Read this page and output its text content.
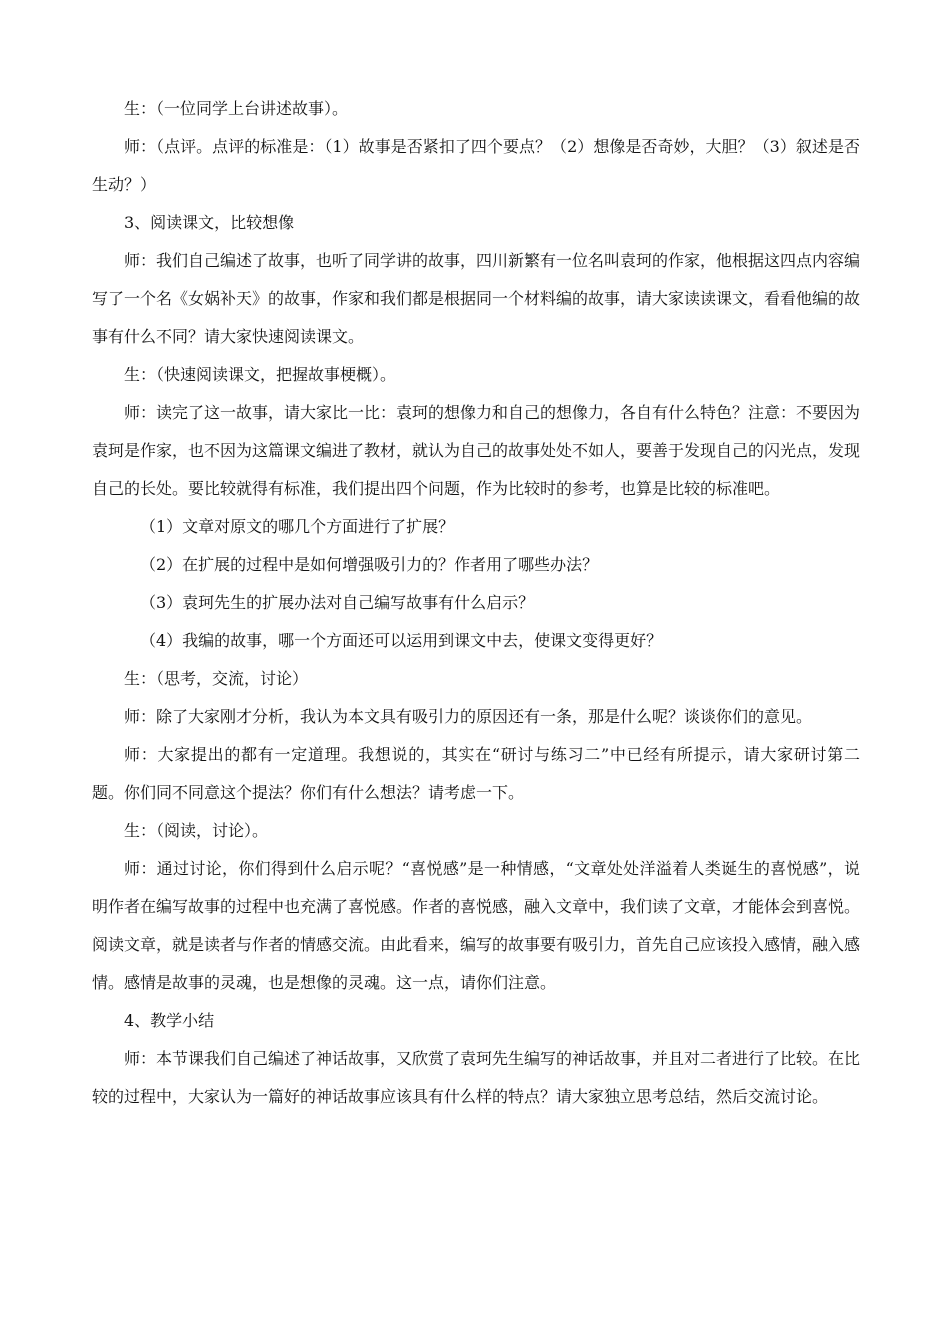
生：（一位同学上台讲述故事）。

师：（点评。点评的标准是：（1）故事是否紧扣了四个要点？（2）想像是否奇妙，大胆？（3）叙述是否生动？）

3、阅读课文，比较想像

师：我们自己编述了故事，也听了同学讲的故事，四川新繁有一位名叫袁珂的作家，他根据这四点内容编写了一个名《女娲补天》的故事，作家和我们都是根据同一个材料编的故事，请大家读读课文，看看他编的故事有什么不同？请大家快速阅读课文。

生：（快速阅读课文，把握故事梗概）。

师：读完了这一故事，请大家比一比：袁珂的想像力和自己的想像力，各自有什么特色？注意：不要因为袁珂是作家，也不因为这篇课文编进了教材，就认为自己的故事处处不如人，要善于发现自己的闪光点，发现自己的长处。要比较就得有标准，我们提出四个问题，作为比较时的参考，也算是比较的标准吧。

（1）文章对原文的哪几个方面进行了扩展？

（2）在扩展的过程中是如何增强吸引力的？作者用了哪些办法？

（3）袁珂先生的扩展办法对自己编写故事有什么启示？

（4）我编的故事，哪一个方面还可以运用到课文中去，使课文变得更好？

生：（思考，交流，讨论）

师：除了大家刚才分析，我认为本文具有吸引力的原因还有一条，那是什么呢？谈谈你们的意见。

师：大家提出的都有一定道理。我想说的，其实在“研讨与练习二”中已经有所提示，请大家研讨第二题。你们同不同意这个提法？你们有什么想法？请考虑一下。

生：（阅读，讨论）。

师：通过讨论，你们得到什么启示呢？“喜悦感”是一种情感，“文章处处洋溢着人类诞生的喜悦感”，说明作者在编写故事的过程中也充满了喜悦感。作者的喜悦感，融入文章中，我们读了文章，才能体会到喜悦。阅读文章，就是读者与作者的情感交流。由此看来，编写的故事要有吸引力，首先自己应该投入感情，融入感情。感情是故事的灵魂，也是想像的灵魂。这一点，请你们注意。

4、教学小结

师：本节课我们自己编述了神话故事，又欣赏了袁珂先生编写的神话故事，并且对二者进行了比较。在比较的过程中，大家认为一篇好的神话故事应该具有什么样的特点？请大家独立思考总结，然后交流讨论。
